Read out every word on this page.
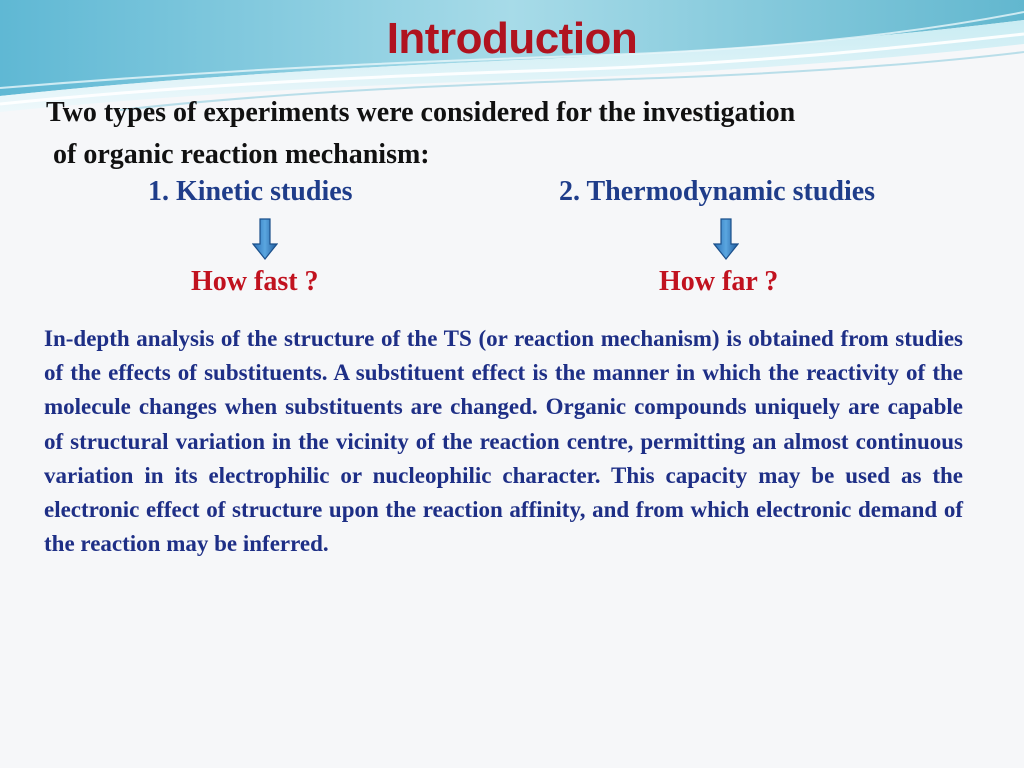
Introduction
Two types of experiments were considered for the investigation
of organic reaction mechanism:
1. Kinetic studies	2. Thermodynamic studies
How fast ?	How far ?

In-depth analysis of the structure of the TS (or reaction mechanism) is obtained from studies of the effects of substituents. A substituent effect is the manner in which the reactivity of the molecule changes when substituents are changed. Organic compounds uniquely are capable of structural variation in the vicinity of the reaction centre, permitting an almost continuous variation in its electrophilic or nucleophilic character. This capacity may be used as the electronic effect of structure upon the reaction affinity, and from which electronic demand of the reaction may be inferred.
